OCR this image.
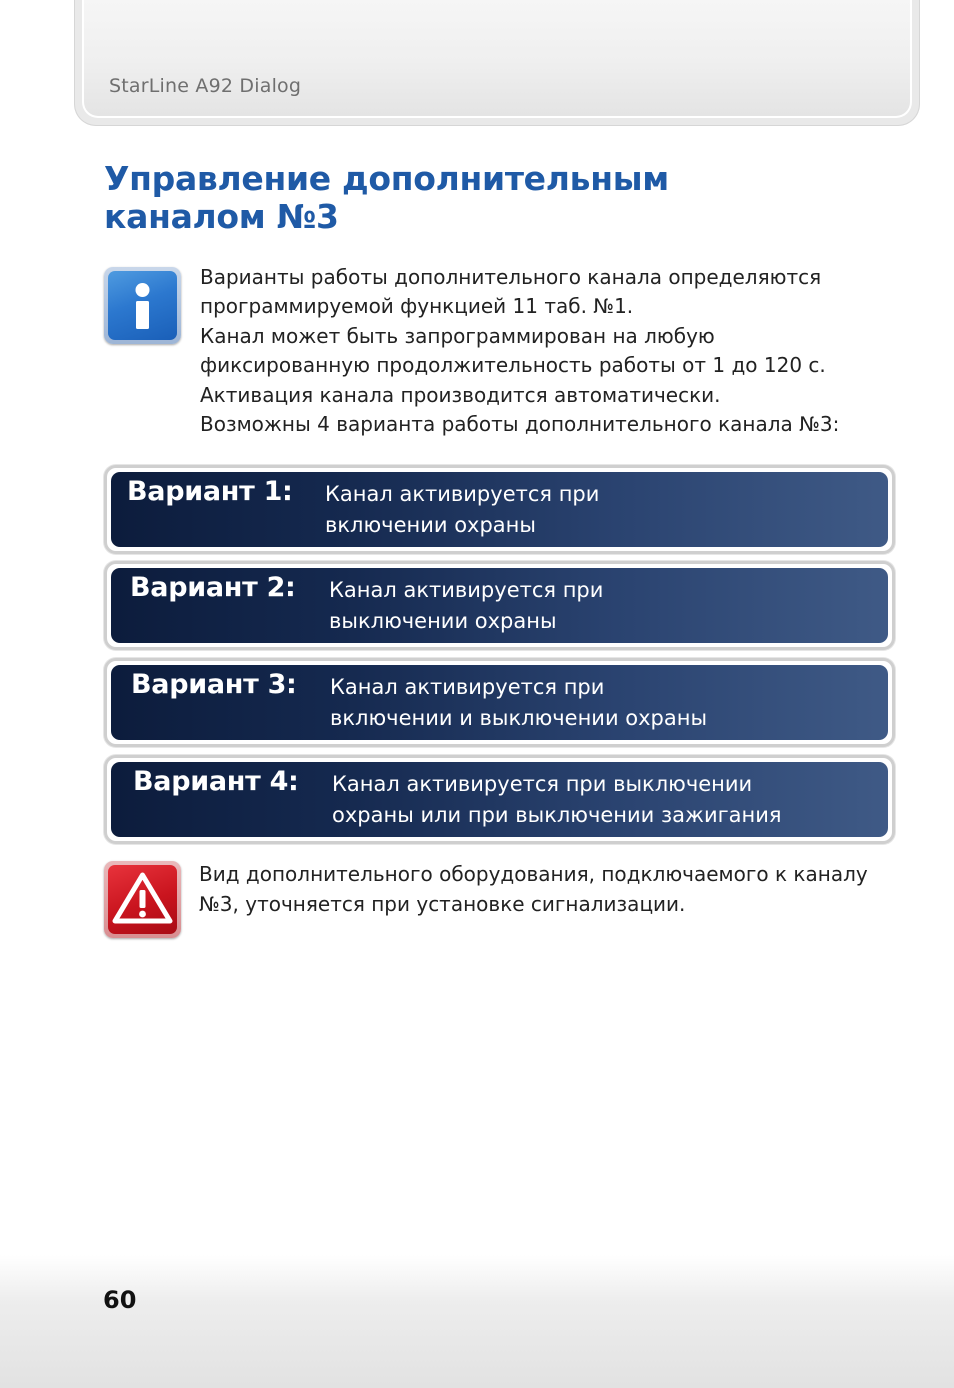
StarLine A92 Dialog
Управление дополнительным
каналом №3
Варианты работы дополнительного канала определяются
программируемой функцией 11 таб. №1.
Канал может быть запрограммирован на любую
фиксированную продолжительность работы от 1 до 120 с.
Активация канала производится автоматически.
Возможны 4 варианта работы дополнительного канала №3:
Вариант 1: Канал активируется при
включении охраны
Вариант 2: Канал активируется при
выключении охраны
Вариант 3: Канал активируется при
включении и выключении охраны
Вариант 4: Канал активируется при выключении
охраны или при выключении зажигания
Вид дополнительного оборудования, подключаемого к каналу
№3, уточняется при установке сигнализации.
60
